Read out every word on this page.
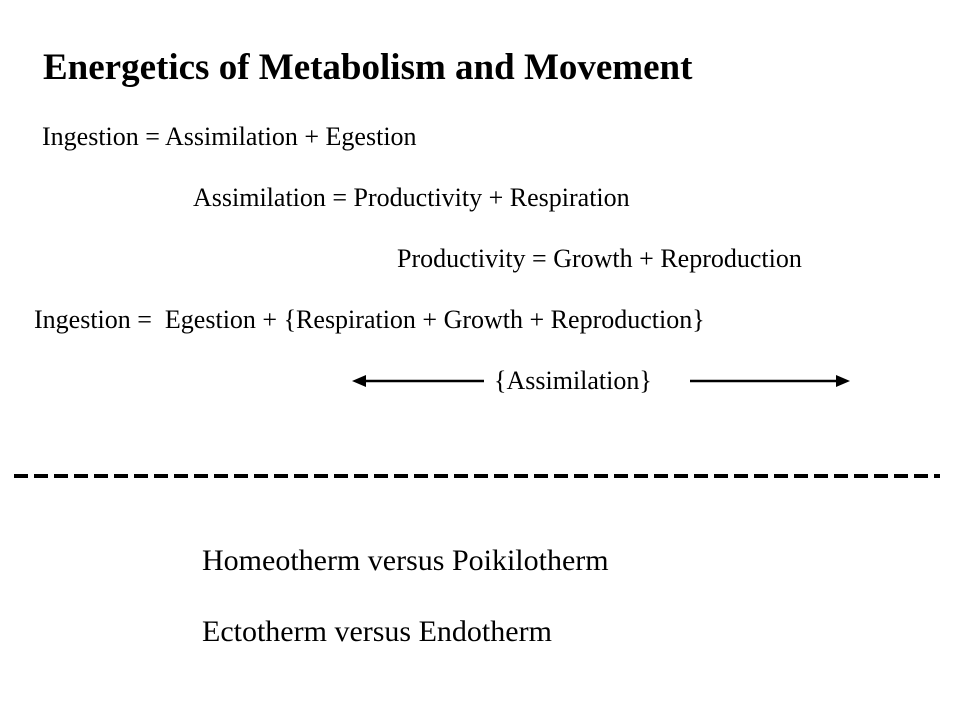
Energetics of Metabolism and Movement
Ingestion = Assimilation + Egestion
Assimilation = Productivity + Respiration
Productivity = Growth + Reproduction
Ingestion =  Egestion + {Respiration + Growth + Reproduction}
{Assimilation}
Homeotherm versus Poikilotherm
Ectotherm versus Endotherm
